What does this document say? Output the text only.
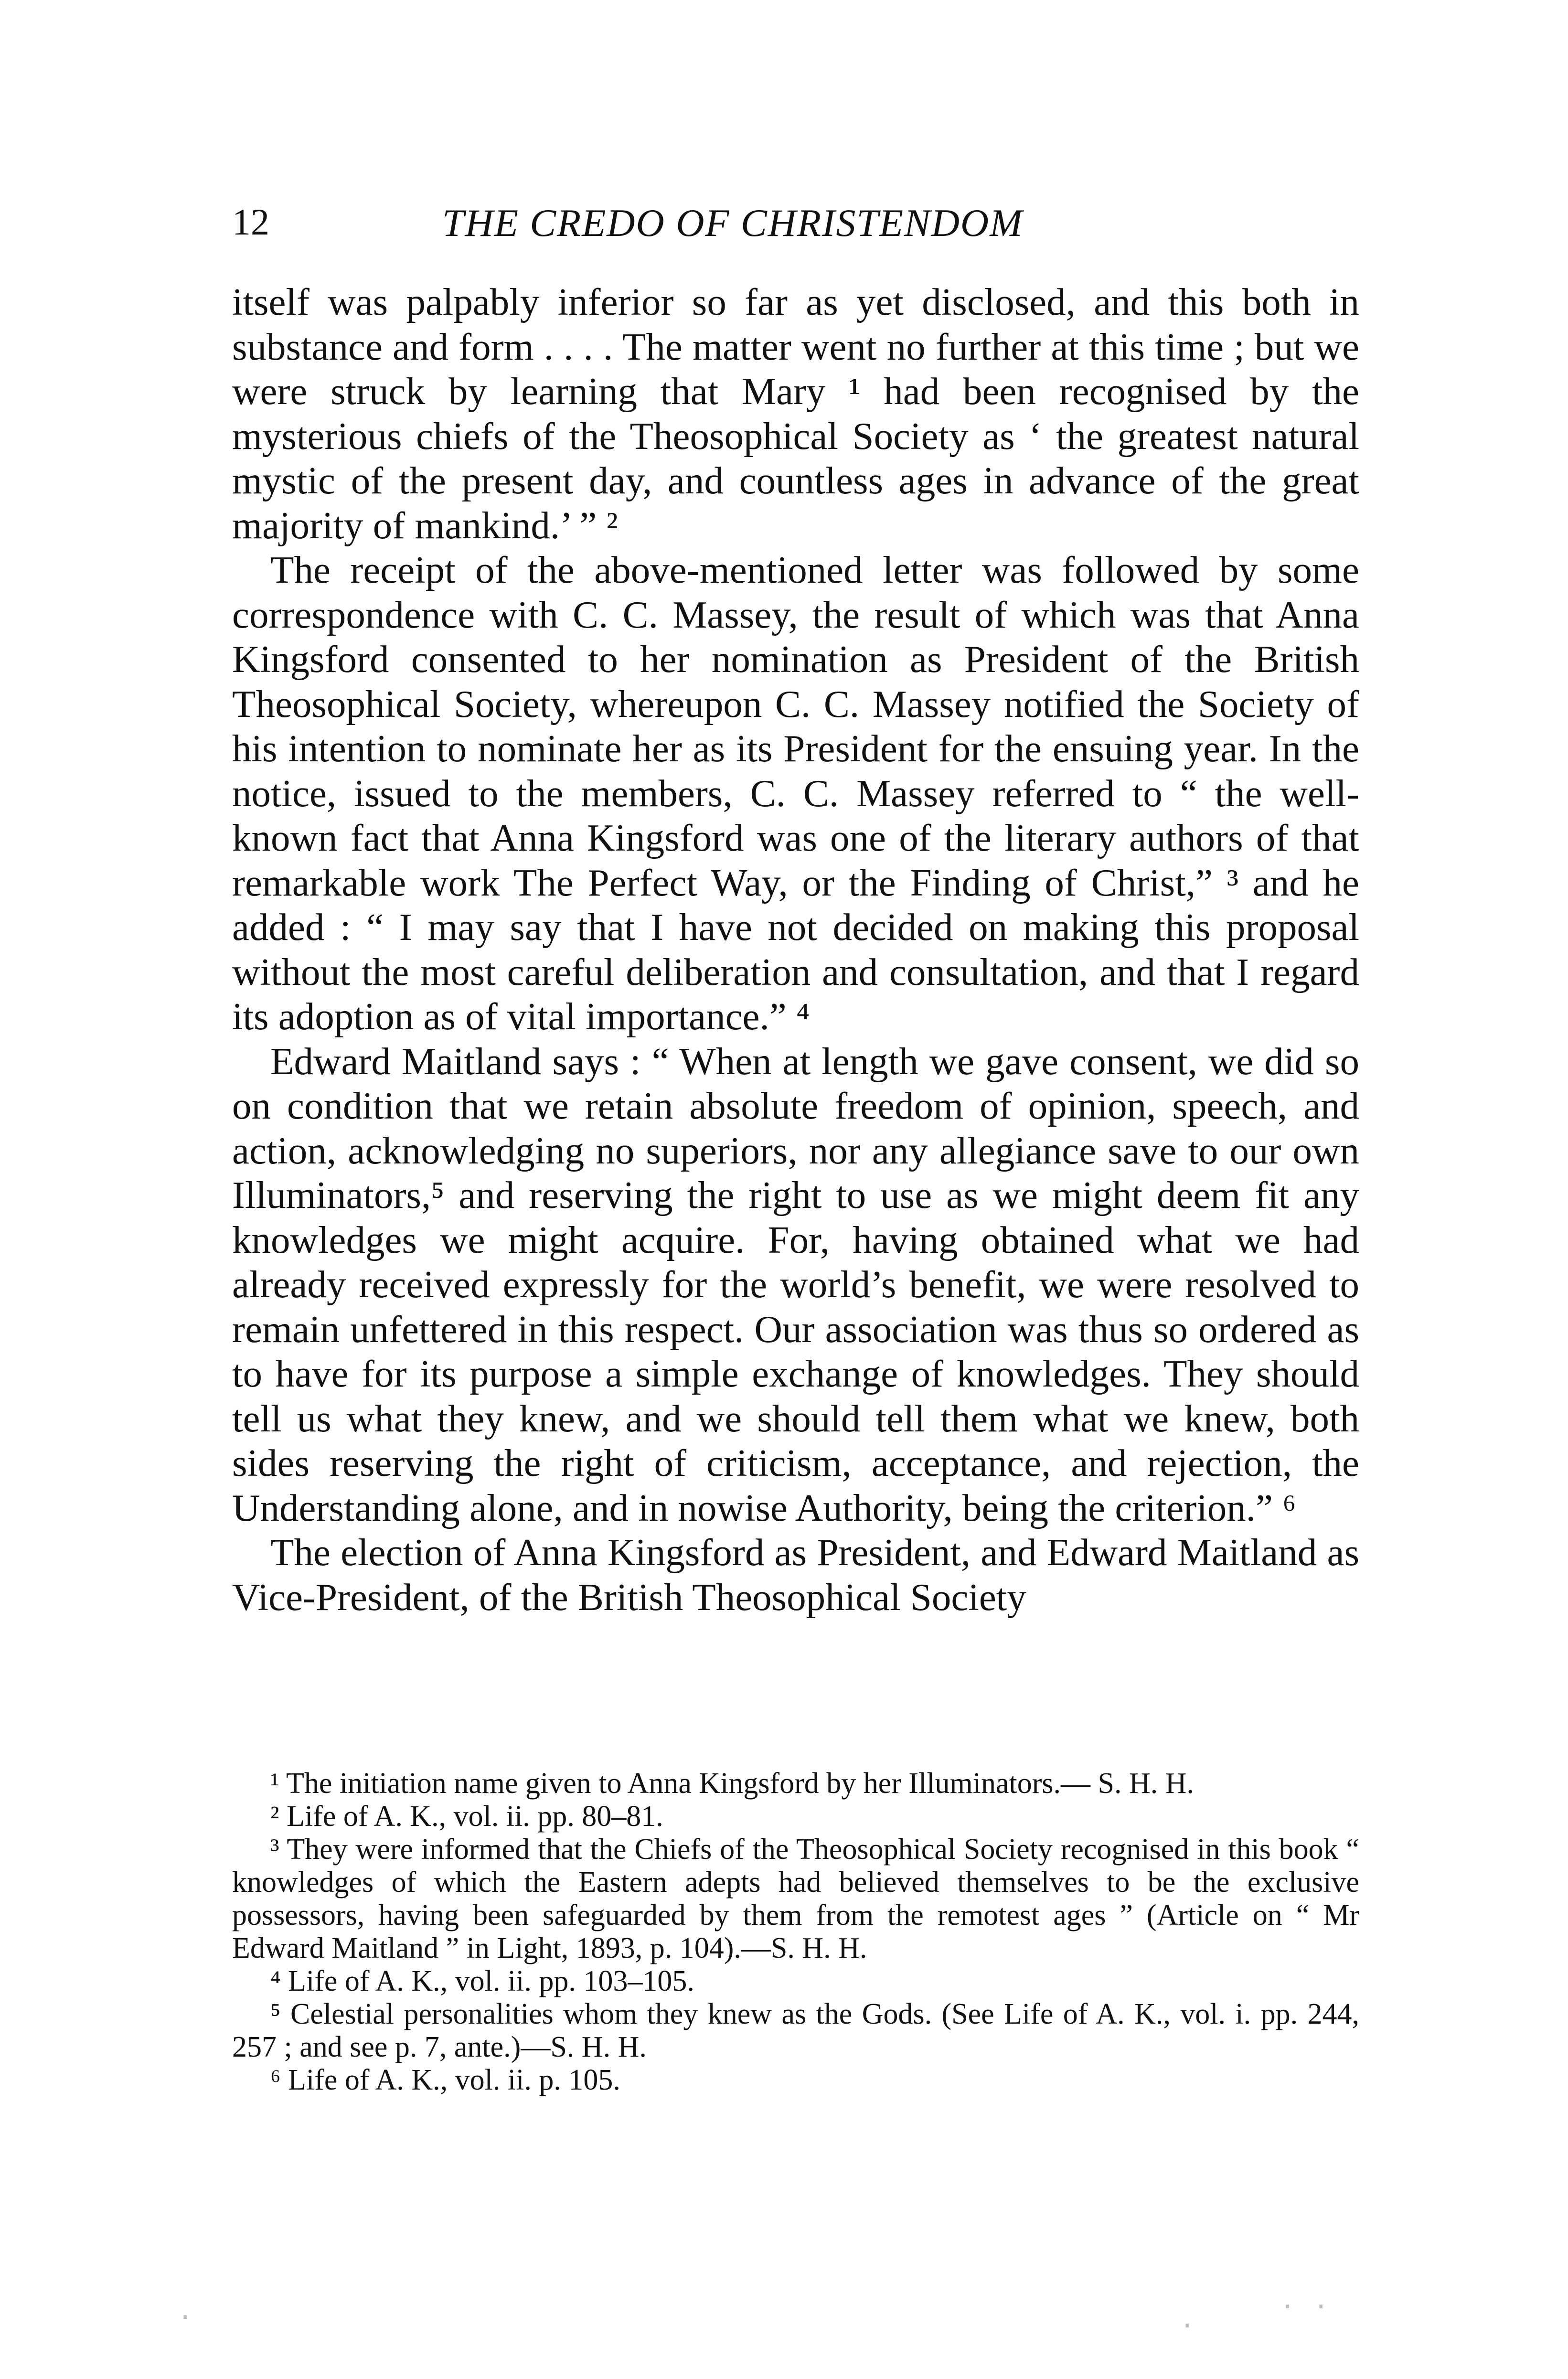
12	THE CREDO OF CHRISTENDOM

itself was palpably inferior so far as yet disclosed, and this both in substance and form . . . . The matter went no further at this time ; but we were struck by learning that Mary ¹ had been recognised by the mysterious chiefs of the Theosophical Society as ‘ the greatest natural mystic of the present day, and countless ages in advance of the great majority of mankind.’ ” ²

The receipt of the above-mentioned letter was followed by some correspondence with C. C. Massey, the result of which was that Anna Kingsford consented to her nomination as President of the British Theosophical Society, whereupon C. C. Massey notified the Society of his intention to nominate her as its President for the ensuing year. In the notice, issued to the members, C. C. Massey referred to “ the well-known fact that Anna Kingsford was one of the literary authors of that remarkable work The Perfect Way, or the Finding of Christ,” ³ and he added : “ I may say that I have not decided on making this proposal without the most careful deliberation and consultation, and that I regard its adoption as of vital importance.” ⁴

Edward Maitland says : “ When at length we gave consent, we did so on condition that we retain absolute freedom of opinion, speech, and action, acknowledging no superiors, nor any allegiance save to our own Illuminators,⁵ and reserving the right to use as we might deem fit any knowledges we might acquire. For, having obtained what we had already received expressly for the world’s benefit, we were resolved to remain unfettered in this respect. Our association was thus so ordered as to have for its purpose a simple exchange of knowledges. They should tell us what they knew, and we should tell them what we knew, both sides reserving the right of criticism, acceptance, and rejection, the Understanding alone, and in nowise Authority, being the criterion.” ⁶

The election of Anna Kingsford as President, and Edward Maitland as Vice-President, of the British Theosophical Society

¹ The initiation name given to Anna Kingsford by her Illuminators.— S. H. H.

² Life of A. K., vol. ii. pp. 80–81.

³ They were informed that the Chiefs of the Theosophical Society recognised in this book “ knowledges of which the Eastern adepts had believed themselves to be the exclusive possessors, having been safeguarded by them from the remotest ages ” (Article on “ Mr Edward Maitland ” in Light, 1893, p. 104).—S. H. H.

⁴ Life of A. K., vol. ii. pp. 103–105.

⁵ Celestial personalities whom they knew as the Gods. (See Life of A. K., vol. i. pp. 244, 257 ; and see p. 7, ante.)—S. H. H.

⁶ Life of A. K., vol. ii. p. 105.

·	·
· ·
